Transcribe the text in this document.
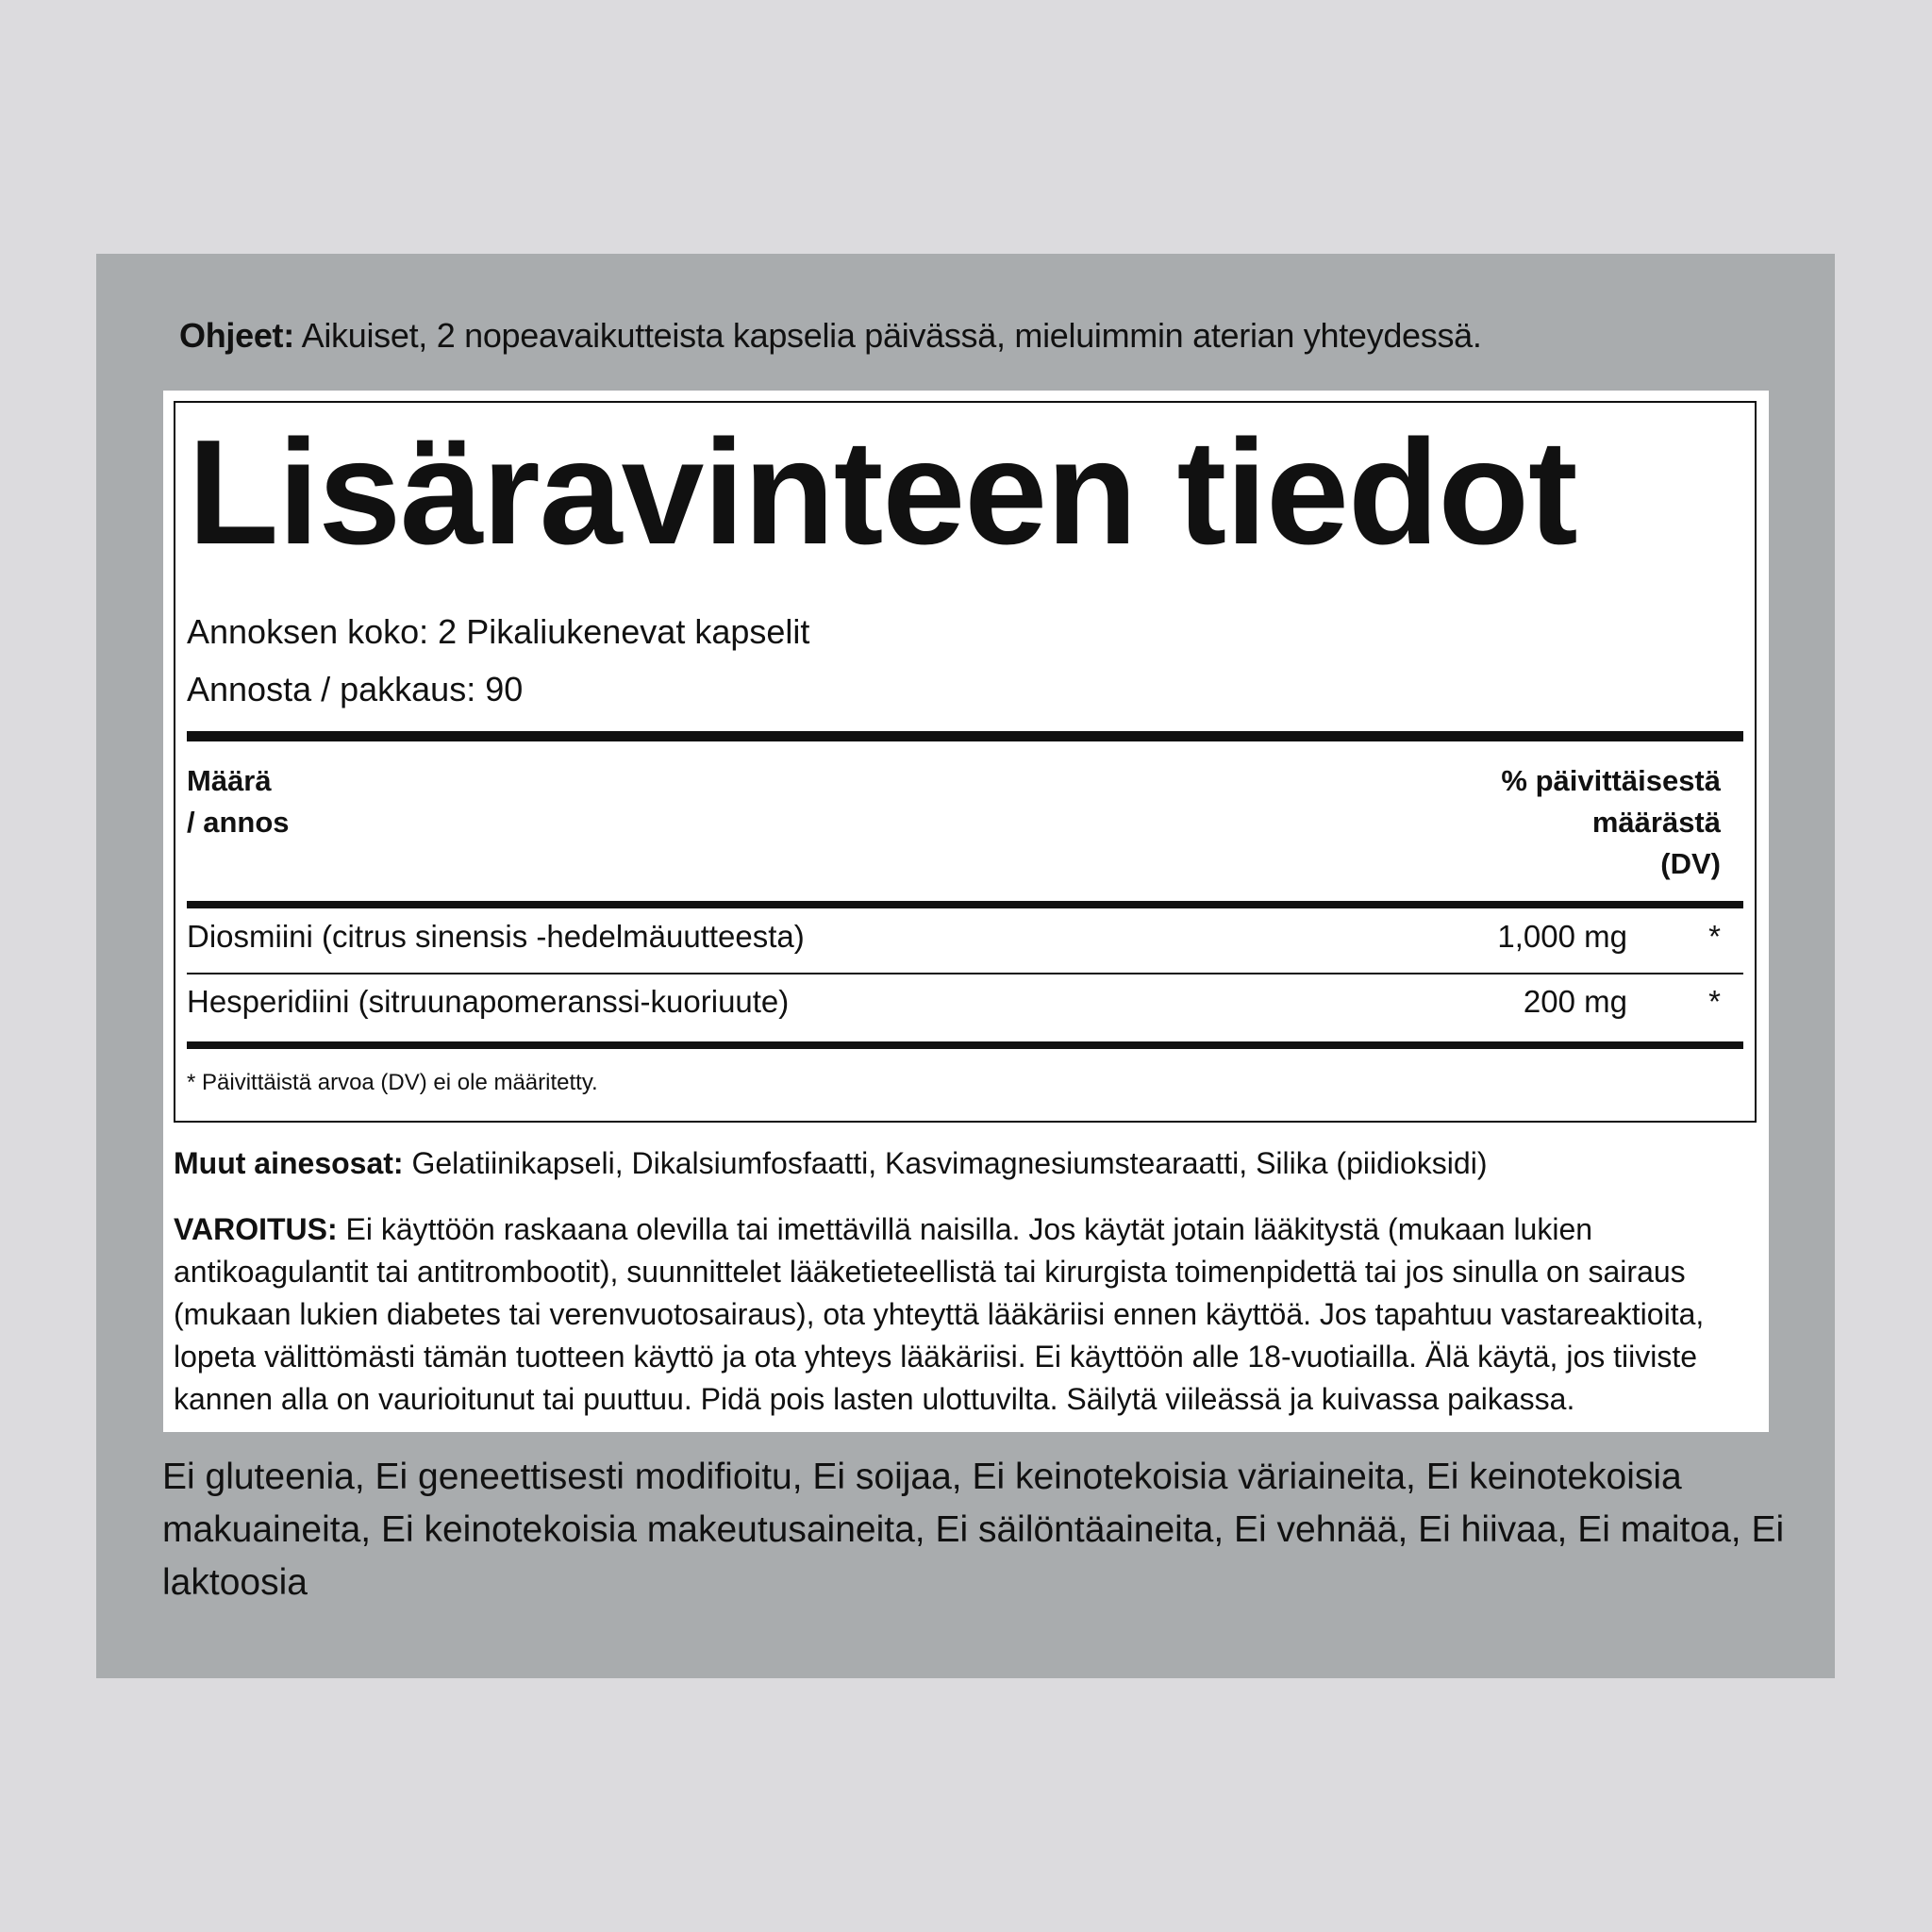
Ohjeet: Aikuiset, 2 nopeavaikutteista kapselia päivässä, mieluimmin aterian yhteydessä.
Lisäravinteen tiedot
Annoksen koko: 2 Pikaliukenevat kapselit
Annosta / pakkaus: 90
Määrä
/ annos
% päivittäisestä
määrästä
(DV)
Diosmiini (citrus sinensis -hedelmäuutteesta)	1,000 mg	*
Hesperidiini (sitruunapomeranssi-kuoriuute)	200 mg	*
* Päivittäistä arvoa (DV) ei ole määritetty.
Muut ainesosat: Gelatiinikapseli, Dikalsiumfosfaatti, Kasvimagnesiumstearaatti, Silika (piidioksidi)
VAROITUS: Ei käyttöön raskaana olevilla tai imettävillä naisilla. Jos käytät jotain lääkitystä (mukaan lukien antikoagulantit tai antitrombootit), suunnittelet lääketieteellistä tai kirurgista toimenpidettä tai jos sinulla on sairaus (mukaan lukien diabetes tai verenvuotosairaus), ota yhteyttä lääkäriisi ennen käyttöä. Jos tapahtuu vastareaktioita, lopeta välittömästi tämän tuotteen käyttö ja ota yhteys lääkäriisi. Ei käyttöön alle 18-vuotiailla. Älä käytä, jos tiiviste kannen alla on vaurioitunut tai puuttuu. Pidä pois lasten ulottuvilta. Säilytä viileässä ja kuivassa paikassa.
Ei gluteenia, Ei geneettisesti modifioitu, Ei soijaa, Ei keinotekoisia väriaineita, Ei keinotekoisia makuaineita, Ei keinotekoisia makeutusaineita, Ei säilöntäaineita, Ei vehnää, Ei hiivaa, Ei maitoa, Ei laktoosia
